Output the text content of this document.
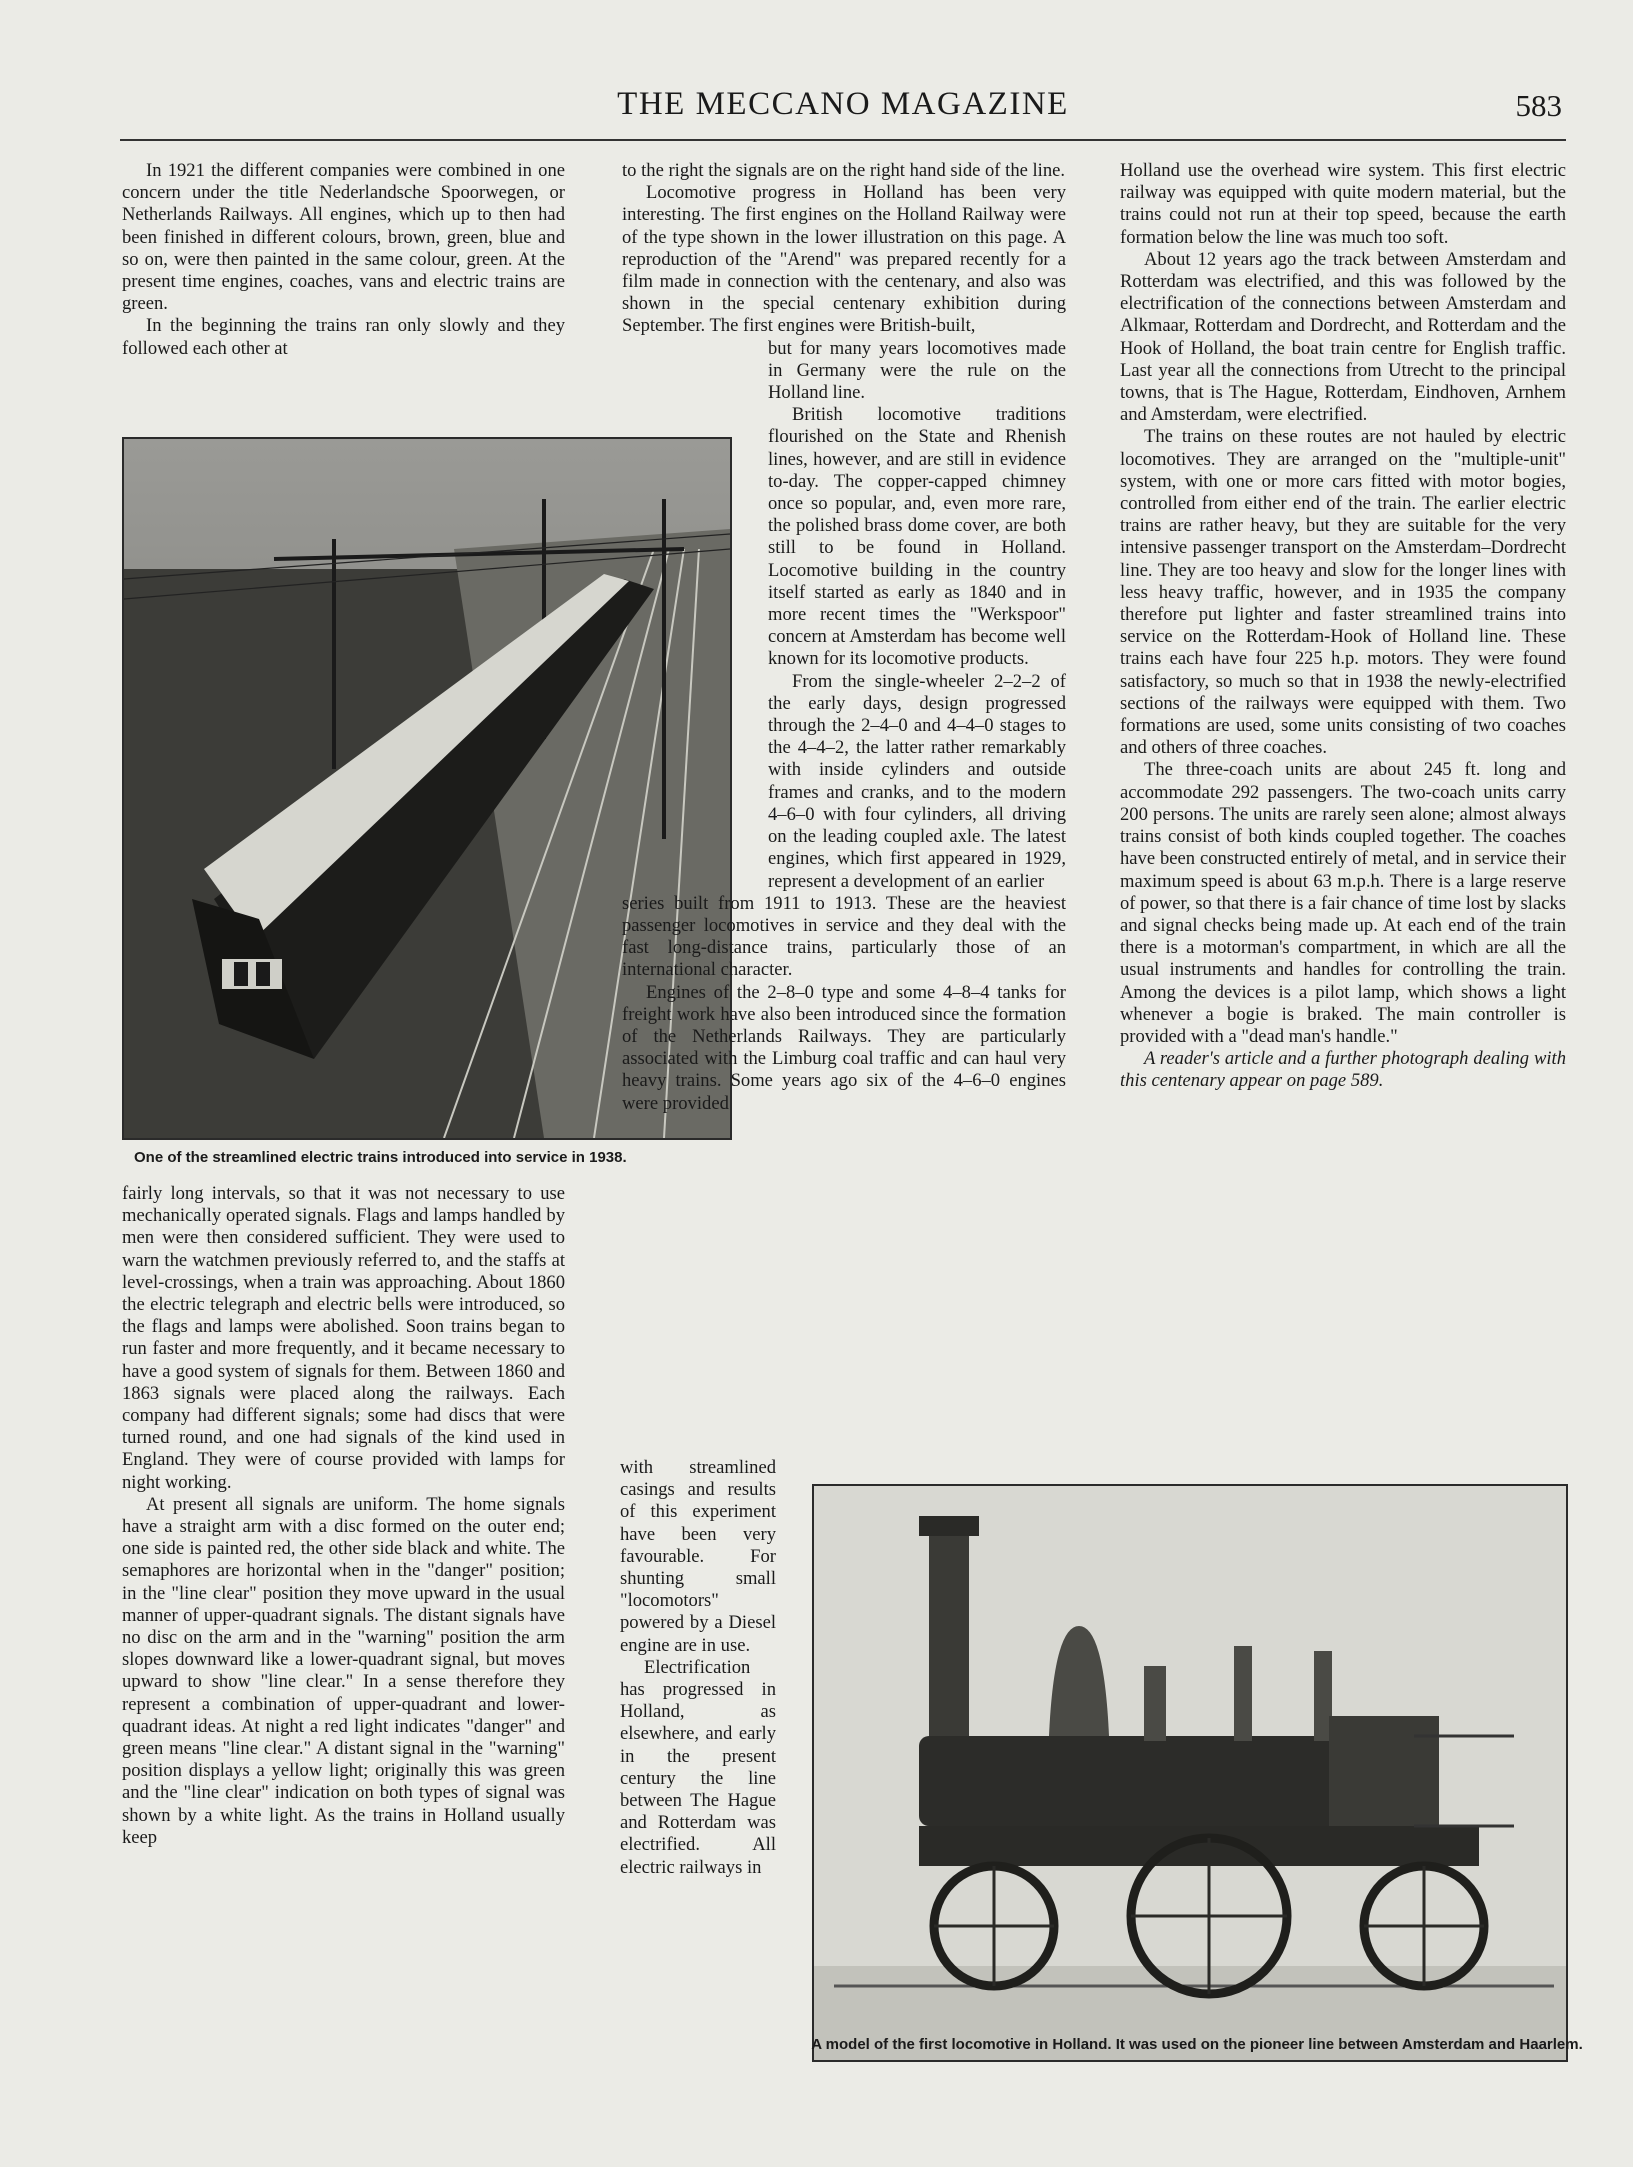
THE MECCANO MAGAZINE	583

In 1921 the different companies were combined in one concern under the title Nederlandsche Spoorwegen, or Netherlands Railways. All engines, which up to then had been finished in different colours, brown, green, blue and so on, were then painted in the same colour, green. At the present time engines, coaches, vans and electric trains are green.

In the beginning the trains ran only slowly and they followed each other at

One of the streamlined electric trains introduced into service in 1938.

fairly long intervals, so that it was not necessary to use mechanically operated signals. Flags and lamps handled by men were then considered sufficient. They were used to warn the watchmen previously referred to, and the staffs at level-crossings, when a train was approaching. About 1860 the electric telegraph and electric bells were introduced, so the flags and lamps were abolished. Soon trains began to run faster and more frequently, and it became necessary to have a good system of signals for them. Between 1860 and 1863 signals were placed along the railways. Each company had different signals; some had discs that were turned round, and one had signals of the kind used in England. They were of course provided with lamps for night working.

At present all signals are uniform. The home signals have a straight arm with a disc formed on the outer end; one side is painted red, the other side black and white. The semaphores are horizontal when in the "danger" position; in the "line clear" position they move upward in the usual manner of upper-quadrant signals. The distant signals have no disc on the arm and in the "warning" position the arm slopes downward like a lower-quadrant signal, but moves upward to show "line clear." In a sense therefore they represent a combination of upper-quadrant and lower-quadrant ideas. At night a red light indicates "danger" and green means "line clear." A distant signal in the "warning" position displays a yellow light; originally this was green and the "line clear" indication on both types of signal was shown by a white light. As the trains in Holland usually keep

to the right the signals are on the right hand side of the line.

Locomotive progress in Holland has been very interesting. The first engines on the Holland Railway were of the type shown in the lower illustration on this page. A reproduction of the "Arend" was prepared recently for a film made in connection with the centenary, and also was shown in the special centenary exhibition during September. The first engines were British-built,

but for many years locomotives made in Germany were the rule on the Holland line.

British locomotive traditions flourished on the State and Rhenish lines, however, and are still in evidence to-day. The copper-capped chimney once so popular, and, even more rare, the polished brass dome cover, are both still to be found in Holland. Locomotive building in the country itself started as early as 1840 and in more recent times the "Werkspoor" concern at Amsterdam has become well known for its locomotive products.

From the single-wheeler 2–2–2 of the early days, design progressed through the 2–4–0 and 4–4–0 stages to the 4–4–2, the latter rather remarkably with inside cylinders and outside frames and cranks, and to the modern 4–6–0 with four cylinders, all driving on the leading coupled axle. The latest engines, which first appeared in 1929, represent a development of an earlier

series built from 1911 to 1913. These are the heaviest passenger locomotives in service and they deal with the fast long-distance trains, particularly those of an international character.

Engines of the 2–8–0 type and some 4–8–4 tanks for freight work have also been introduced since the formation of the Netherlands Railways. They are particularly associated with the Limburg coal traffic and can haul very heavy trains. Some years ago six of the 4–6–0 engines were provided

with streamlined casings and results of this experiment have been very favourable. For shunting small "locomotors" powered by a Diesel engine are in use.

Electrification has progressed in Holland, as elsewhere, and early in the present century the line between The Hague and Rotterdam was electrified. All electric railways in

Holland use the overhead wire system. This first electric railway was equipped with quite modern material, but the trains could not run at their top speed, because the earth formation below the line was much too soft.

About 12 years ago the track between Amsterdam and Rotterdam was electrified, and this was followed by the electrification of the connections between Amsterdam and Alkmaar, Rotterdam and Dordrecht, and Rotterdam and the Hook of Holland, the boat train centre for English traffic. Last year all the connections from Utrecht to the principal towns, that is The Hague, Rotterdam, Eindhoven, Arnhem and Amsterdam, were electrified.

The trains on these routes are not hauled by electric locomotives. They are arranged on the "multiple-unit" system, with one or more cars fitted with motor bogies, controlled from either end of the train. The earlier electric trains are rather heavy, but they are suitable for the very intensive passenger transport on the Amsterdam–Dordrecht line. They are too heavy and slow for the longer lines with less heavy traffic, however, and in 1935 the company therefore put lighter and faster streamlined trains into service on the Rotterdam-Hook of Holland line. These trains each have four 225 h.p. motors. They were found satisfactory, so much so that in 1938 the newly-electrified sections of the railways were equipped with them. Two formations are used, some units consisting of two coaches and others of three coaches.

The three-coach units are about 245 ft. long and accommodate 292 passengers. The two-coach units carry 200 persons. The units are rarely seen alone; almost always trains consist of both kinds coupled together. The coaches have been constructed entirely of metal, and in service their maximum speed is about 63 m.p.h. There is a large reserve of power, so that there is a fair chance of time lost by slacks and signal checks being made up. At each end of the train there is a motorman's compartment, in which are all the usual instruments and handles for controlling the train. Among the devices is a pilot lamp, which shows a light whenever a bogie is braked. The main controller is provided with a "dead man's handle."

A reader's article and a further photograph dealing with this centenary appear on page 589.

A model of the first locomotive in Holland. It was used on the pioneer line between Amsterdam and Haarlem.
